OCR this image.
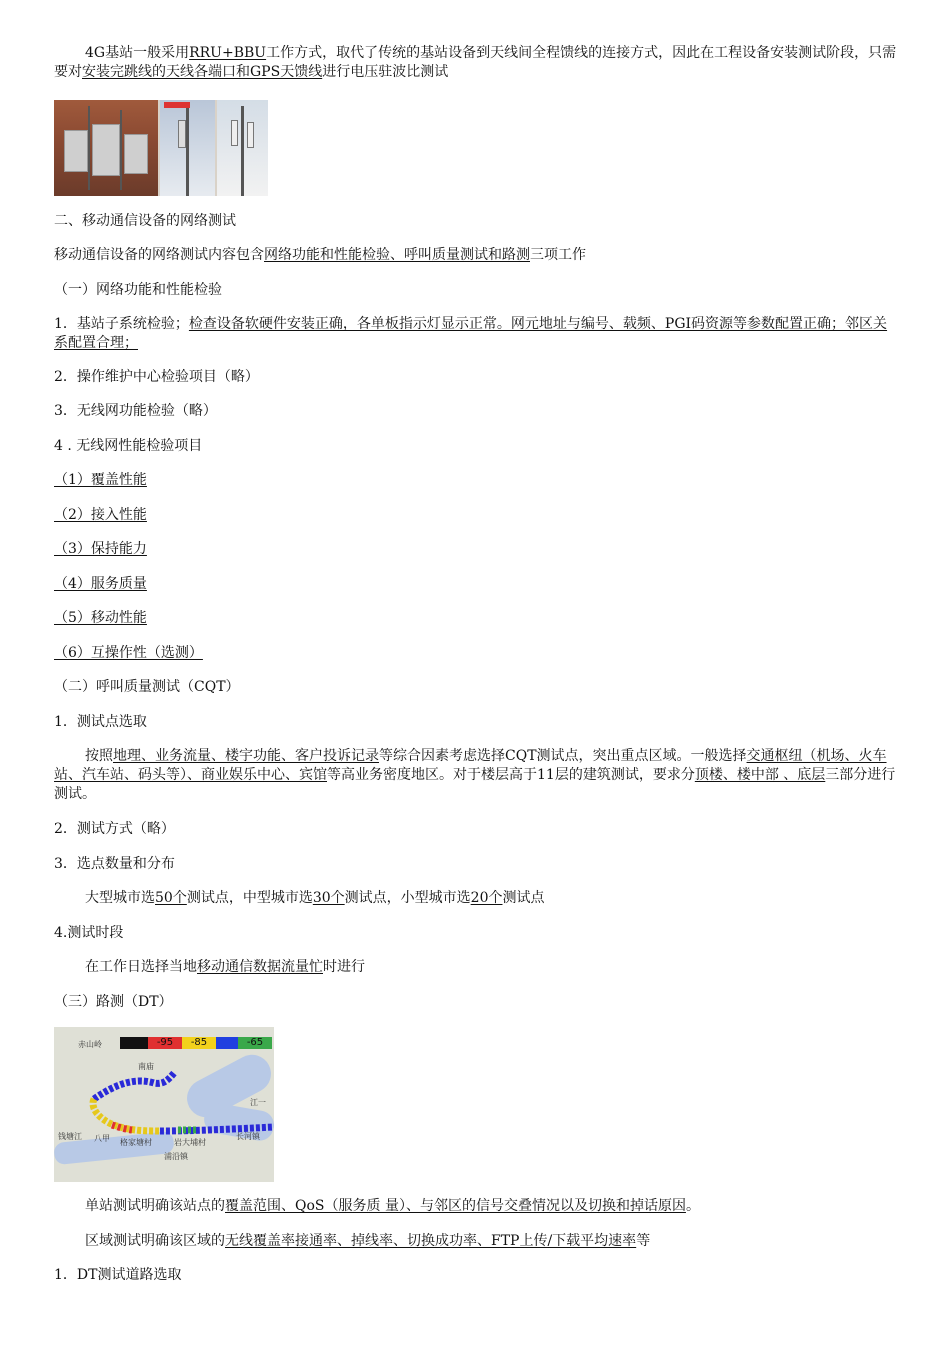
4G基站一般采用RRU+BBU工作方式，取代了传统的基站设备到天线间全程馈线的连接方式，因此在工程设备安装测试阶段，只需要对安装完跳线的天线各端口和GPS天馈线进行电压驻波比测试

二、移动通信设备的网络测试

移动通信设备的网络测试内容包含网络功能和性能检验、呼叫质量测试和路测三项工作

（一）网络功能和性能检验

1．基站子系统检验；检查设备软硬件安装正确，各单板指示灯显示正常。网元地址与编号、载频、PGI码资源等参数配置正确；邻区关系配置合理；

2．操作维护中心检验项目（略）

3．无线网功能检验（略）

4 . 无线网性能检验项目

（1）覆盖性能

（2）接入性能

（3）保持能力

（4）服务质量

（5）移动性能

（6）互操作性（选测）

（二）呼叫质量测试（CQT）

1．测试点选取

按照地理、业务流量、楼宇功能、客户投诉记录等综合因素考虑选择CQT测试点，突出重点区域。一般选择交通枢纽（机场、火车站、汽车站、码头等）、商业娱乐中心、宾馆等高业务密度地区。对于楼层高于11层的建筑测试，要求分顶楼、楼中部 、底层三部分进行测试。

2．测试方式（略）

3．选点数量和分布

大型城市选50个测试点，中型城市选30个测试点，小型城市选20个测试点

4.测试时段

在工作日选择当地移动通信数据流量忙时进行

（三）路测（DT）

-95	-85	-65
赤山岭
南庙
八甲 格家塘村	岩大埔村
长河镇
浦沿镇
江一
钱塘江

单站测试明确该站点的覆盖范围、QoS（服务质 量）、与邻区的信号交叠情况以及切换和掉话原因。

区域测试明确该区域的无线覆盖率接通率、掉线率、切换成功率、FTP上传/下载平均速率等

1．DT测试道路选取
